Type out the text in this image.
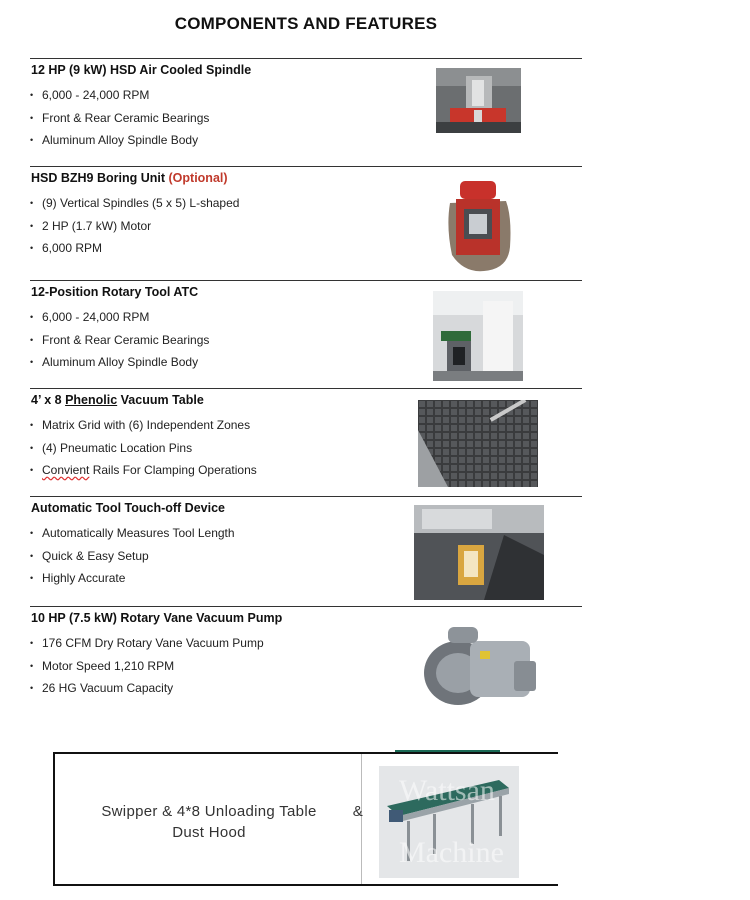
COMPONENTS AND FEATURES
12 HP (9 kW) HSD Air Cooled Spindle
• 6,000 - 24,000 RPM
• Front & Rear Ceramic Bearings
• Aluminum Alloy Spindle Body
HSD BZH9 Boring Unit (Optional)
• (9) Vertical Spindles (5 x 5) L-shaped
• 2 HP (1.7 kW) Motor
• 6,000 RPM
12-Position Rotary Tool ATC
• 6,000 - 24,000 RPM
• Front & Rear Ceramic Bearings
• Aluminum Alloy Spindle Body
4’ x 8 Phenolic Vacuum Table
• Matrix Grid with (6) Independent Zones
• (4) Pneumatic Location Pins
• Convient Rails For Clamping Operations
Automatic Tool Touch-off Device
• Automatically Measures Tool Length
• Quick & Easy Setup
• Highly Accurate
10 HP (7.5 kW) Rotary Vane Vacuum Pump
• 176 CFM Dry Rotary Vane Vacuum Pump
• Motor Speed 1,210 RPM
• 26 HG Vacuum Capacity
Swipper & 4*8 Unloading Table &
Dust Hood
Wattsan
Machine
